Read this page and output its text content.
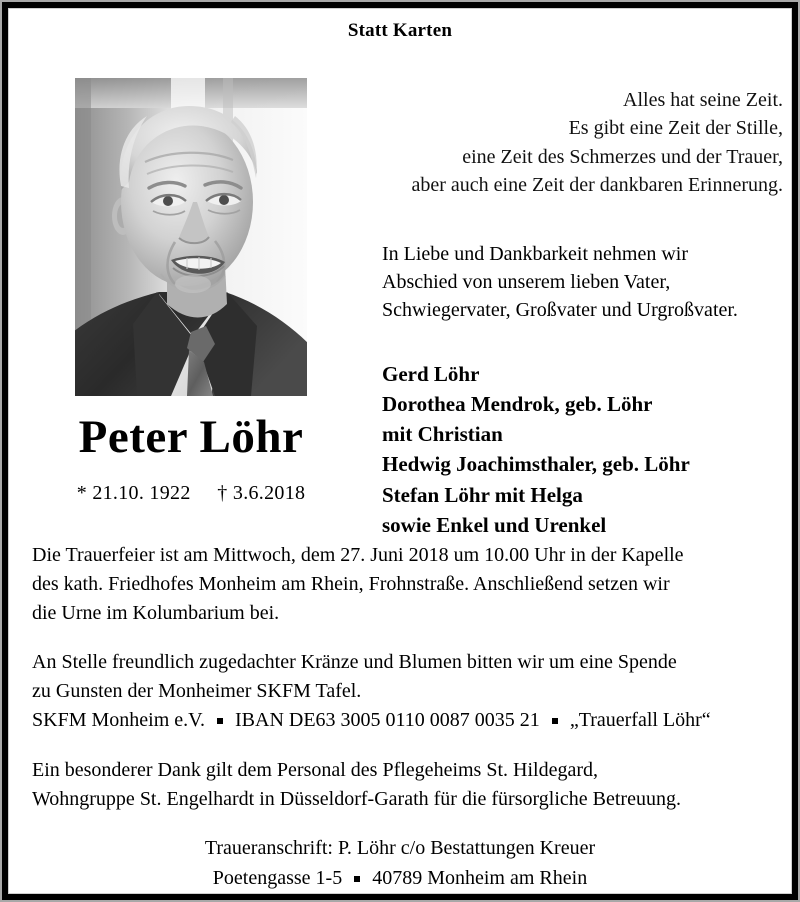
Statt Karten
Peter Löhr
* 21.10. 1922 † 3.6.2018
Alles hat seine Zeit.
Es gibt eine Zeit der Stille,
eine Zeit des Schmerzes und der Trauer,
aber auch eine Zeit der dankbaren Erinnerung.
In Liebe und Dankbarkeit nehmen wir
Abschied von unserem lieben Vater,
Schwiegervater, Großvater und Urgroßvater.
Gerd Löhr
Dorothea Mendrok, geb. Löhr
mit Christian
Hedwig Joachimsthaler, geb. Löhr
Stefan Löhr mit Helga
sowie Enkel und Urenkel
Die Trauerfeier ist am Mittwoch, dem 27. Juni 2018 um 10.00 Uhr in der Kapelle
des kath. Friedhofes Monheim am Rhein, Frohnstraße. Anschließend setzen wir
die Urne im Kolumbarium bei.
An Stelle freundlich zugedachter Kränze und Blumen bitten wir um eine Spende
zu Gunsten der Monheimer SKFM Tafel.
SKFM Monheim e.V. IBAN DE63 3005 0110 0087 0035 21 „Trauerfall Löhr“
Ein besonderer Dank gilt dem Personal des Pflegeheims St. Hildegard,
Wohngruppe St. Engelhardt in Düsseldorf-Garath für die fürsorgliche Betreuung.
Traueranschrift: P. Löhr c/o Bestattungen Kreuer
Poetengasse 1-5 40789 Monheim am Rhein
